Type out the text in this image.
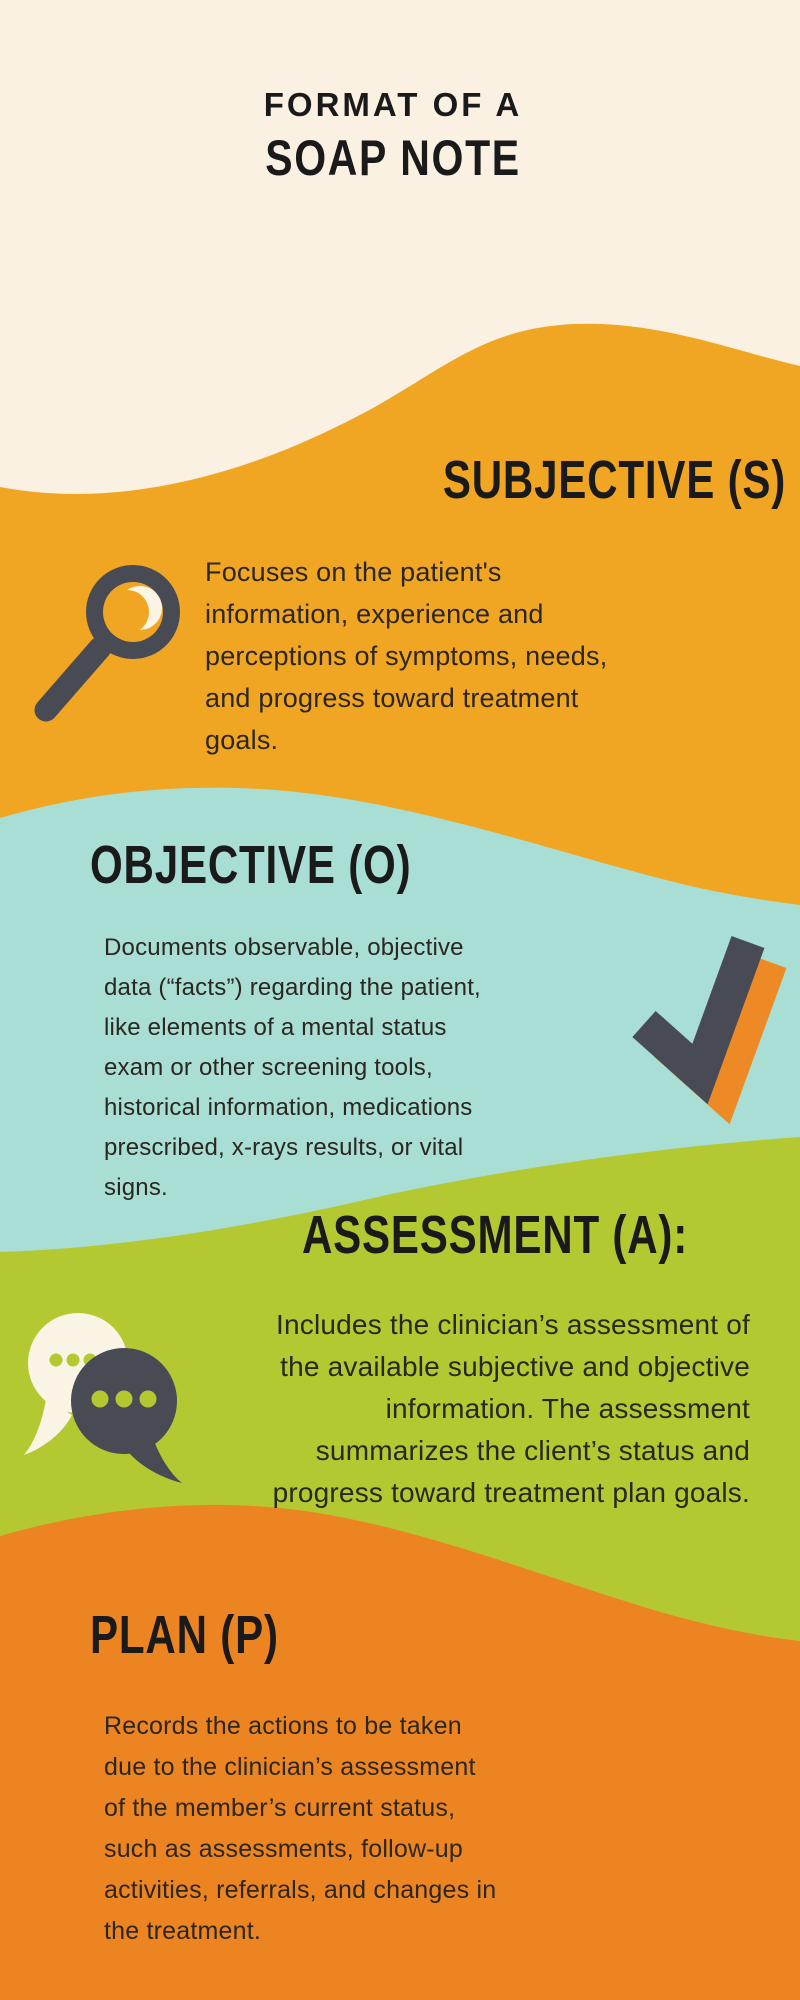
FORMAT OF A
SOAP NOTE
SUBJECTIVE (S)
Focuses on the patient's
information, experience and
perceptions of symptoms, needs,
and progress toward treatment
goals.
OBJECTIVE (O)
Documents observable, objective
data (“facts”) regarding the patient,
like elements of a mental status
exam or other screening tools,
historical information, medications
prescribed, x-rays results, or vital
signs.
ASSESSMENT (A):
Includes the clinician’s assessment of
the available subjective and objective
information. The assessment
summarizes the client’s status and
progress toward treatment plan goals.
PLAN (P)
Records the actions to be taken
due to the clinician’s assessment
of the member’s current status,
such as assessments, follow-up
activities, referrals, and changes in
the treatment.
